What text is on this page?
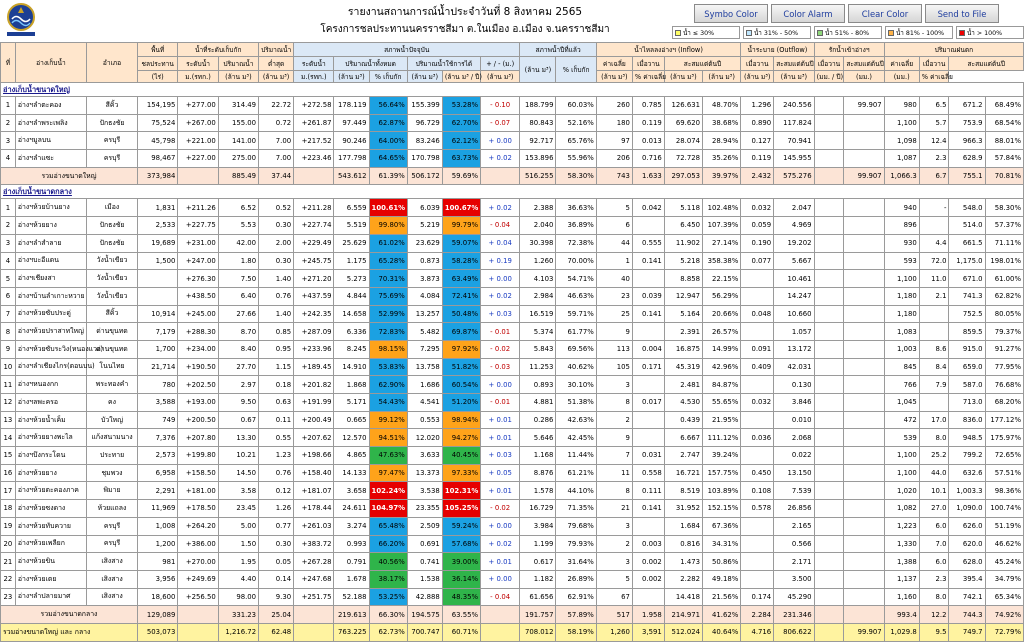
รายงานสถานการณ์น้ำประจำวันที่ 8 สิงหาคม 2565
โครงการชลประทานนครราชสีมา ต.ในเมือง อ.เมือง จ.นครราชสีมา
Symbo Color	Color Alarm	Clear Color	Send to File
น้ำ ≤ 30%	น้ำ 31% - 50%	น้ำ 51% - 80%	น้ำ 81% - 100%	น้ำ > 100%
ที่	อ่างเก็บน้ำ	อำเภอ	พื้นที่	น้ำที่ระดับเก็บกัก		ปริมาณน้ำ	สภาพน้ำปัจจุบัน						สภาพน้ำปีที่แล้ว		น้ำไหลลงอ่างฯ (Inflow)				น้ำระบาย (Outflow)		รักน้ำเข้าอ่างฯ		ปริมาณฝนตก			
			ชลประทาน	ระดับน้ำ	ปริมาณน้ำ	ต่ำสุด	ระดับน้ำ	ปริมาณน้ำทั้งหมด		ปริมาณน้ำใช้การได้		+ / - (ม.)	(ล้าน ม³)	% เก็บกัก	ค่าเฉลี่ย	เมื่อวาน	สะสมแต่ต้นปี		เมื่อวาน	สะสมแต่ต้นปี	เมื่อวาน	สะสมแต่ต้นปี	ค่าเฉลี่ย	เมื่อวาน	สะสมแต่ต้นปี	
			(ไร่)	ม.(รทก.)	(ล้าน ม³)	(ล้าน ม³)	ม.(รทก.)	(ล้าน ม³)	% เก็บกัก	(ล้าน ม³)	(ล้าน ม³ / ปี)	(ล้าน ม³)			(ล้าน ม³)	% ค่าเฉลี่ย	(ล้าน ม³)	(ล้าน ม³)	(ล้าน ม³)	(ล้าน ม³)	(มม. / ปี)	(มม.)	(มม.)	% ค่าเฉลี่ย		
อ่างเก็บน้ำขนาดใหญ่																										
1	อ่างฯลำตะคอง	สีคิ้ว	154,195	+277.00	314.49	22.72	+272.58	178.119	56.64%	155.399	53.28%	- 0.10	188.799	60.03%	260	0.785	126.631	48.70%	1.296	240.556		99.907	980	6.5	671.2	68.49%
2	อ่างฯลำพระเพลิง	ปักธงชัย	75,524	+267.00	155.00	0.72	+261.87	97.449	62.87%	96.729	62.70%	- 0.07	80.843	52.16%	180	0.119	69.620	38.68%	0.890	117.824			1,100	5.7	753.9	68.54%
3	อ่างฯมูลบน	ครบุรี	45,798	+221.00	141.00	7.00	+217.52	90.246	64.00%	83.246	62.12%	+ 0.00	92.717	65.76%	97	0.013	28.074	28.94%	0.127	70.941			1,098	12.4	966.3	88.01%
4	อ่างฯลำแซะ	ครบุรี	98,467	+227.00	275.00	7.00	+223.46	177.798	64.65%	170.798	63.73%	+ 0.02	153.896	55.96%	206	0.716	72.728	35.26%	0.119	145.955			1,087	2.3	628.9	57.84%
รวมอ่างขนาดใหญ่			373,984		885.49	37.44		543.612	61.39%	506.172	59.69%		516.255	58.30%	743	1.633	297.053	39.97%	2.432	575.276		99.907	1,066.3	6.7	755.1	70.81%
อ่างเก็บน้ำขนาดกลาง																										
1	อ่างฯห้วยบ้านยาง	เมือง	1,831	+211.26	6.52	0.52	+211.28	6.559	100.61%	6.039	100.67%	+ 0.02	2.388	36.63%	5	0.042	5.118	102.48%	0.032	2.047			940	-	548.0	58.30%
2	อ่างฯห้วยยาง	ปักธงชัย	2,533	+227.75	5.53	0.30	+227.74	5.519	99.80%	5.219	99.79%	- 0.04	2.040	36.89%	6		6.450	107.39%	0.059	4.969			896		514.0	57.37%
3	อ่างฯลำสำลาย	ปักธงชัย	19,689	+231.00	42.00	2.00	+229.49	25.629	61.02%	23.629	59.07%	+ 0.04	30.398	72.38%	44	0.555	11.902	27.14%	0.190	19.202			930	4.4	661.5	71.11%
4	อ่างฯบะอีแดน	วังน้ำเขียว	1,500	+247.00	1.80	0.30	+245.75	1.175	65.28%	0.873	58.28%	+ 0.19	1.260	70.00%	1	0.141	5.218	358.38%	0.077	5.667			593	72.0	1,175.0	198.01%
5	อ่างฯเชียงสา	วังน้ำเขียว		+276.30	7.50	1.40	+271.20	5.273	70.31%	3.873	63.49%	+ 0.00	4.103	54.71%	40		8.858	22.15%		10.461			1,100	11.0	671.0	61.00%
6	อ่างฯบ้านลำเกาะหวาย	วังน้ำเขียว		+438.50	6.40	0.76	+437.59	4.844	75.69%	4.084	72.41%	+ 0.02	2.984	46.63%	23	0.039	12.947	56.29%		14.247			1,180	2.1	741.3	62.82%
7	อ่างฯห้วยซับประดู่	สีคิ้ว	10,914	+245.00	27.66	1.40	+242.35	14.658	52.99%	13.257	50.48%	+ 0.03	16.519	59.71%	25	0.141	5.164	20.66%	0.048	10.660			1,180		752.5	80.05%
8	อ่างฯห้วยปราสาทใหญ่	ด่านขุนทด	7,179	+288.30	8.70	0.85	+287.09	6.336	72.83%	5.482	69.87%	- 0.01	5.374	61.77%	9		2.391	26.57%		1.057			1,083		859.5	79.37%
9	อ่างฯห้วยซับระวิง(หนองแวง)	ด่านขุนทด	1,700	+234.00	8.40	0.95	+233.96	8.245	98.15%	7.295	97.92%	- 0.02	5.843	69.56%	113	0.004	16.875	14.99%	0.091	13.172			1,003	8.6	915.0	91.27%
10	อ่างฯลำเชียงไกร(ตอนบน)	โนนไทย	21,714	+190.50	27.70	1.15	+189.45	14.910	53.83%	13.758	51.82%	- 0.03	11.253	40.62%	105	0.171	45.319	42.96%	0.409	42.031			845	8.4	659.0	77.95%
11	อ่างฯหนองกก	พระทองคำ	780	+202.50	2.97	0.18	+201.82	1.868	62.90%	1.686	60.54%	+ 0.00	0.893	30.10%	3		2.481	84.87%		0.130			766	7.9	587.0	76.68%
12	อ่างฯลพะครอ	คง	3,588	+193.00	9.50	0.63	+191.99	5.171	54.43%	4.541	51.20%	- 0.01	4.881	51.38%	8	0.017	4.530	55.65%	0.032	3.846			1,045		713.0	68.20%
13	อ่างฯห้วยน้ำเค็ม	บัวใหญ่	749	+200.50	0.67	0.11	+200.49	0.665	99.12%	0.553	98.94%	+ 0.01	0.286	42.63%	2		0.439	21.95%		0.010			472	17.0	836.0	177.12%
14	อ่างฯห้วยยางพะไล	แก้งสนามนาง	7,376	+207.80	13.30	0.55	+207.62	12.570	94.51%	12.020	94.27%	+ 0.01	5.646	42.45%	9		6.667	111.12%	0.036	2.068			539	8.0	948.5	175.97%
15	อ่างฯบึงกระโดน	ประทาย	2,573	+199.80	10.21	1.23	+198.66	4.865	47.63%	3.633	40.45%	+ 0.03	1.168	11.44%	7	0.031	2.747	39.24%		0.022			1,100	25.2	799.2	72.65%
16	อ่างฯห้วยยาง	ชุมพวง	6,958	+158.50	14.50	0.76	+158.40	14.133	97.47%	13.373	97.33%	+ 0.05	8.876	61.21%	11	0.558	16.721	157.75%	0.450	13.150			1,100	44.0	632.6	57.51%
17	อ่างฯห้วยตะคองภาค	พิมาย	2,291	+181.00	3.58	0.12	+181.07	3.658	102.24%	3.538	102.31%	+ 0.01	1.578	44.10%	8	0.111	8.519	103.89%	0.108	7.539			1,020	10.1	1,003.3	98.36%
18	อ่างฯห้วยซงดาง	ห้วยแถลง	11,969	+178.50	23.45	1.26	+178.44	24.611	104.97%	23.355	105.25%	- 0.02	16.729	71.35%	21	0.141	31.952	152.15%	0.578	26.856			1,082	27.0	1,090.0	100.74%
19	อ่างฯห้วยทับควาย	ครบุรี	1,008	+264.20	5.00	0.77	+261.03	3.274	65.48%	2.509	59.24%	+ 0.00	3.984	79.68%	3		1.684	67.36%		2.165			1,223	6.0	626.0	51.19%
20	อ่างฯห้วยเพลียก	ครบุรี	1,200	+386.00	1.50	0.30	+383.72	0.993	66.20%	0.691	57.68%	+ 0.02	1.199	79.93%	2	0.003	0.816	34.31%		0.566			1,330	7.0	620.0	46.62%
21	อ่างฯห้วยขิน	เสิงสาง	981	+270.00	1.95	0.05	+267.28	0.791	40.56%	0.741	39.00%	+ 0.01	0.617	31.64%	3	0.002	1.473	50.86%		2.171			1,388	6.0	628.0	45.24%
22	อ่างฯห้วยเตย	เสิงสาง	3,956	+249.69	4.40	0.14	+247.68	1.678	38.17%	1.538	36.14%	+ 0.00	1.182	26.89%	5	0.002	2.282	49.18%		3.500			1,137	2.3	395.4	34.79%
23	อ่างฯลำปลายมาศ	เสิงสาง	18,600	+256.50	98.00	9.30	+251.75	52.188	53.25%	42.888	48.35%	- 0.04	61.656	62.91%	67		14.418	21.56%	0.174	45.290			1,160	8.0	742.1	65.34%
รวมอ่างขนาดกลาง			129,089		331.23	25.04		219.613	66.30%	194.575	63.55%		191.757	57.89%	517	1.958	214.971	41.62%	2.284	231.346			993.4	12.2	744.3	74.92%
รวมอ่างขนาดใหญ่ และ กลาง			503,073		1,216.72	62.48		763.225	62.73%	700.747	60.71%		708.012	58.19%	1,260	3,591	512.024	40.64%	4.716	806.622		99.907	1,029.8	9.5	749.7	72.79%
